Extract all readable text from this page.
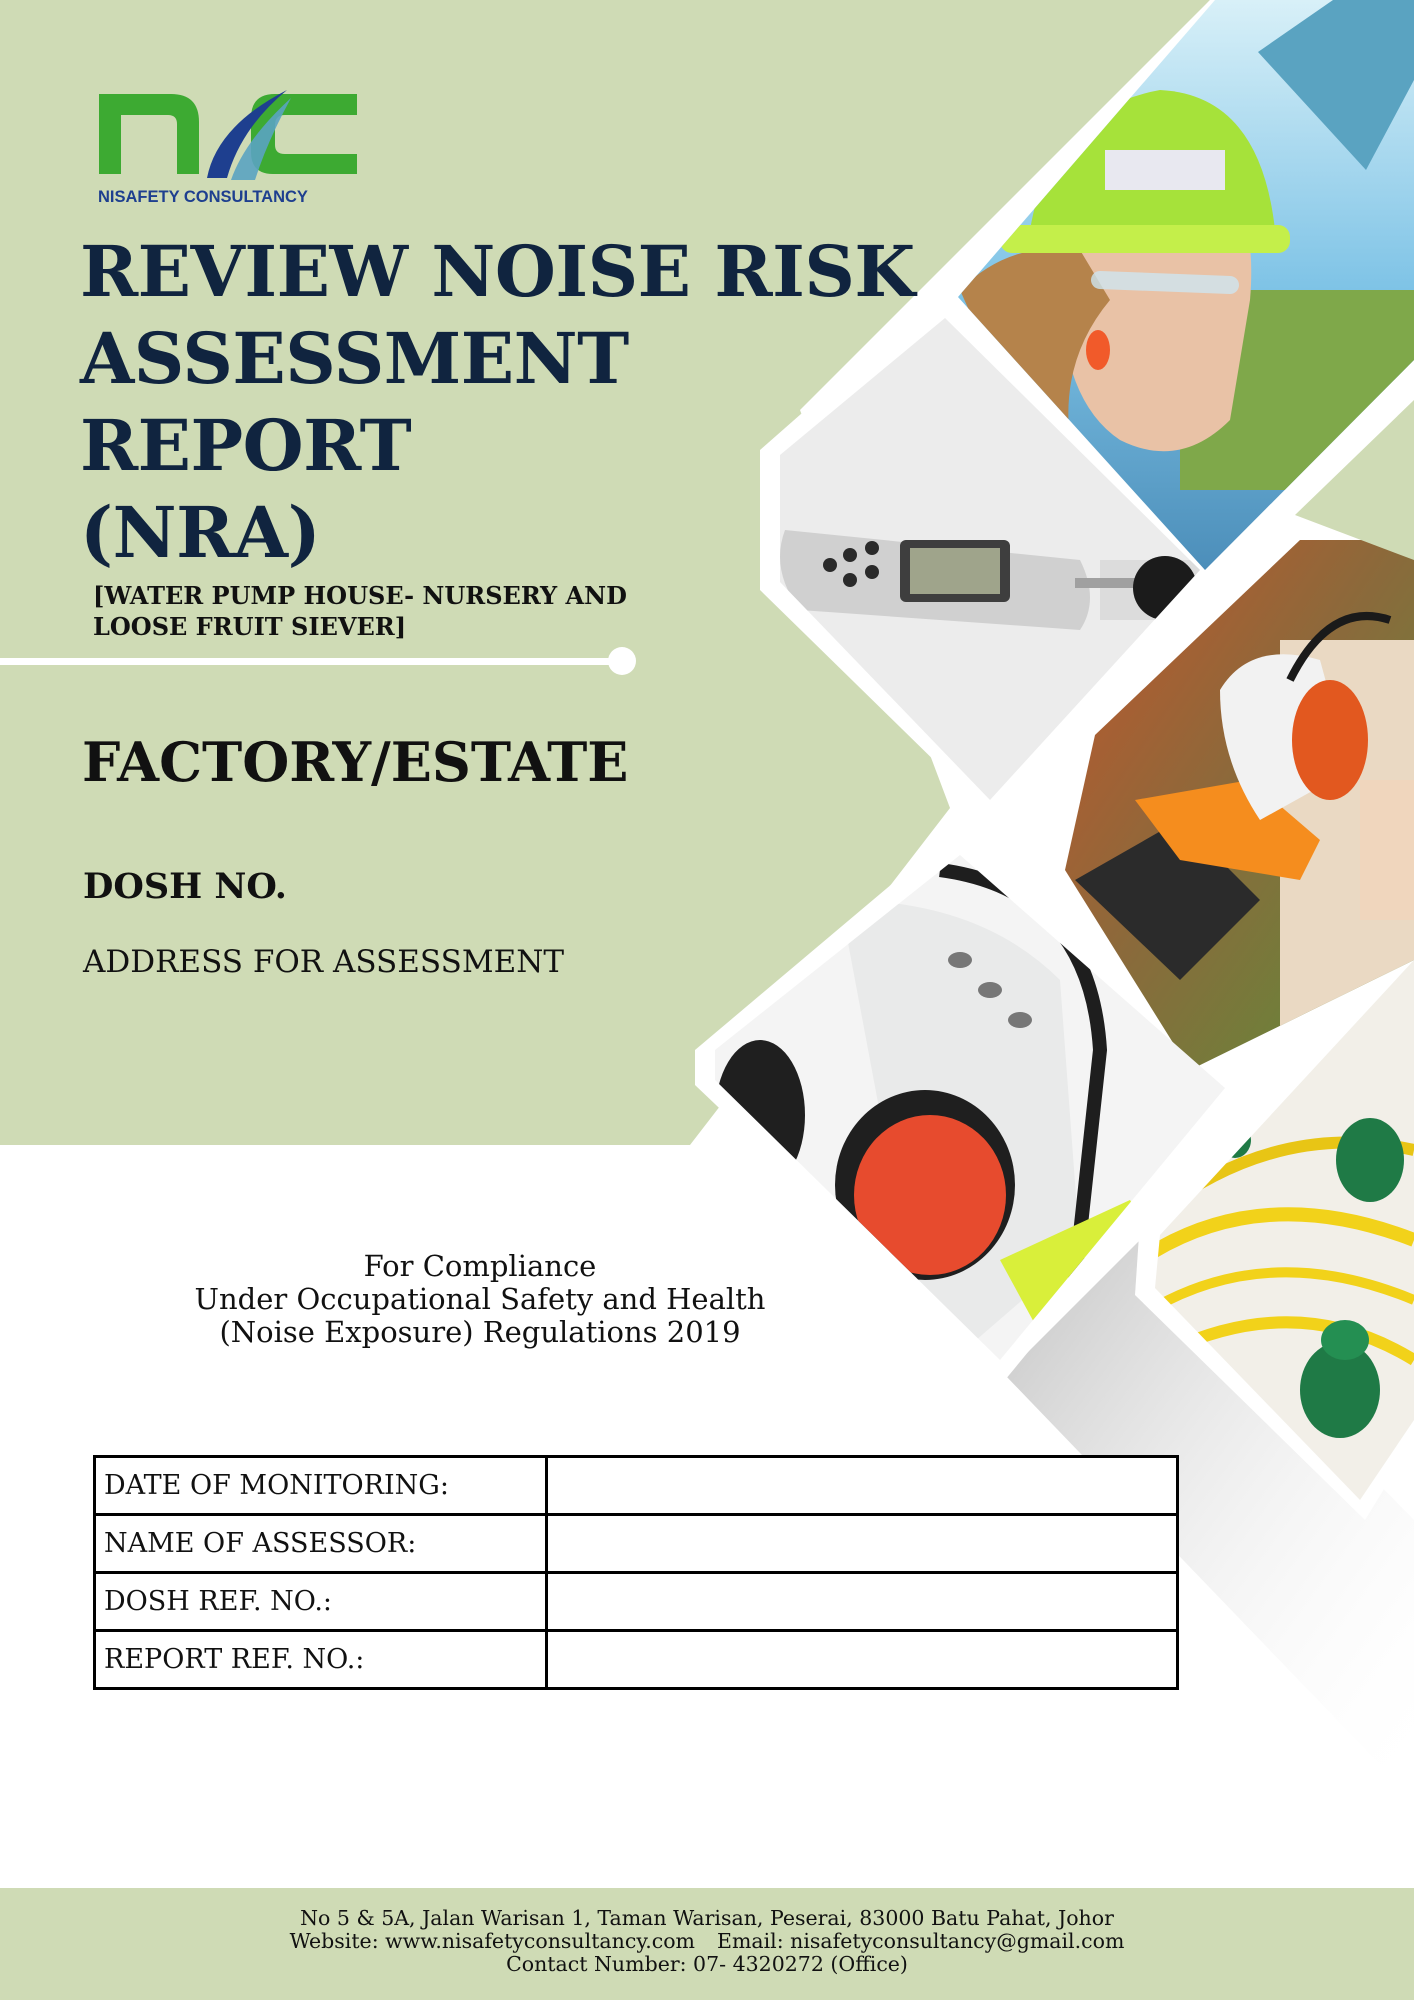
NISAFETY CONSULTANCY
REVIEW NOISE RISK
ASSESSMENT
REPORT
(NRA)

[WATER PUMP HOUSE- NURSERY AND
LOOSE FRUIT SIEVER]

FACTORY/ESTATE
DOSH NO.

ADDRESS FOR ASSESSMENT

For Compliance
Under Occupational Safety and Health
(Noise Exposure) Regulations 2019
DATE OF MONITORING:	
NAME OF ASSESSOR:	
DOSH REF. NO.:	
REPORT REF. NO.:	
No 5 & 5A, Jalan Warisan 1, Taman Warisan, Peserai, 83000 Batu Pahat, Johor
Website: www.nisafetyconsultancy.com Email: nisafetyconsultancy@gmail.com
Contact Number: 07- 4320272 (Office)
